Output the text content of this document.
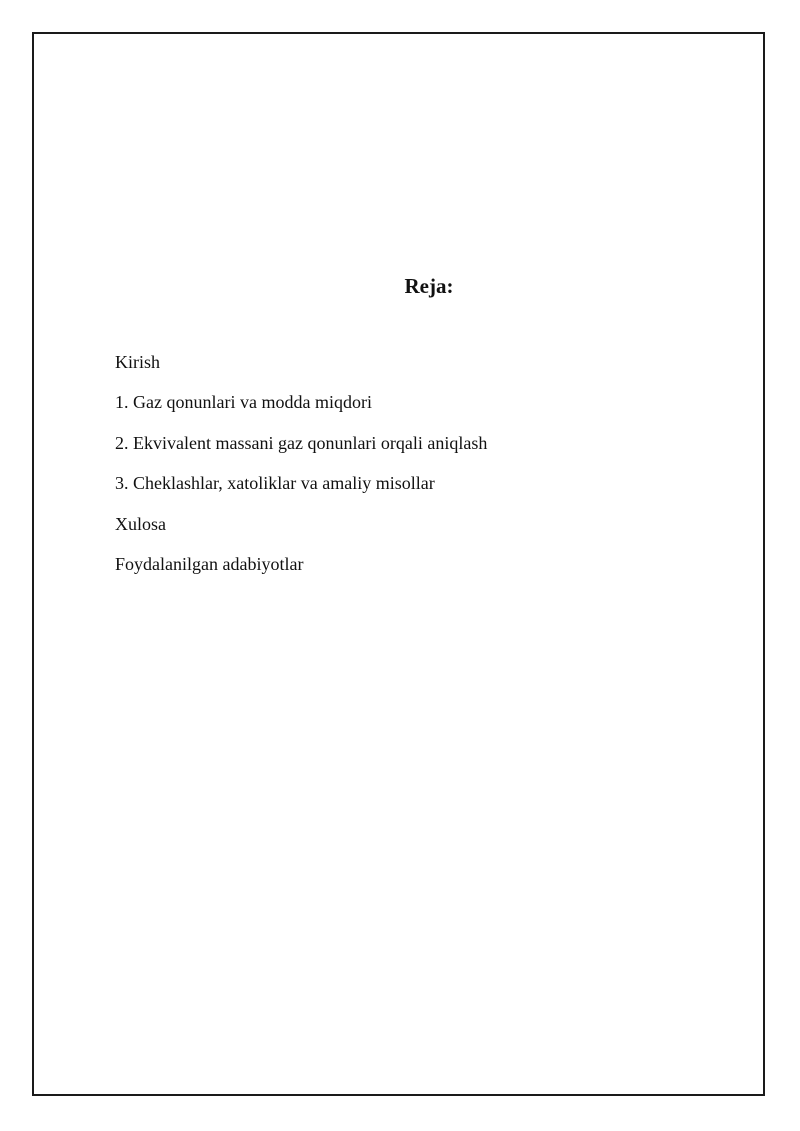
Reja:
Kirish
1. Gaz qonunlari va modda miqdori
2. Ekvivalent massani gaz qonunlari orqali aniqlash
3. Cheklashlar, xatoliklar va amaliy misollar
Xulosa
Foydalanilgan adabiyotlar
